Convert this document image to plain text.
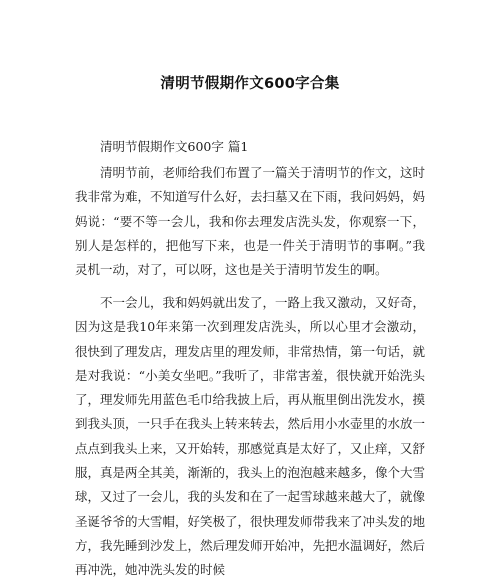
清明节假期作文600字合集
清明节假期作文600字 篇1

清明节前，老师给我们布置了一篇关于清明节的作文，这时我非常为难，不知道写什么好，去扫墓又在下雨，我问妈妈，妈妈说：“要不等一会儿，我和你去理发店洗头发，你观察一下，别人是怎样的，把他写下来，也是一件关于清明节的事啊。”我灵机一动，对了，可以呀，这也是关于清明节发生的啊。

不一会儿，我和妈妈就出发了，一路上我又激动，又好奇，因为这是我10年来第一次到理发店洗头，所以心里才会激动，很快到了理发店，理发店里的理发师，非常热情，第一句话，就是对我说：“小美女坐吧。”我听了，非常害羞，很快就开始洗头了，理发师先用蓝色毛巾给我披上后，再从瓶里倒出洗发水，摸到我头顶，一只手在我头上转来转去，然后用小水壶里的水放一点点到我头上来，又开始转，那感觉真是太好了，又止痒，又舒服，真是两全其美，渐渐的，我头上的泡泡越来越多，像个大雪球，又过了一会儿，我的头发和在了一起雪球越来越大了，就像圣诞爷爷的大雪帽，好笑极了，很快理发师带我来了冲头发的地方，我先睡到沙发上，然后理发师开始冲，先把水温调好，然后再冲洗，她冲洗头发的时候
